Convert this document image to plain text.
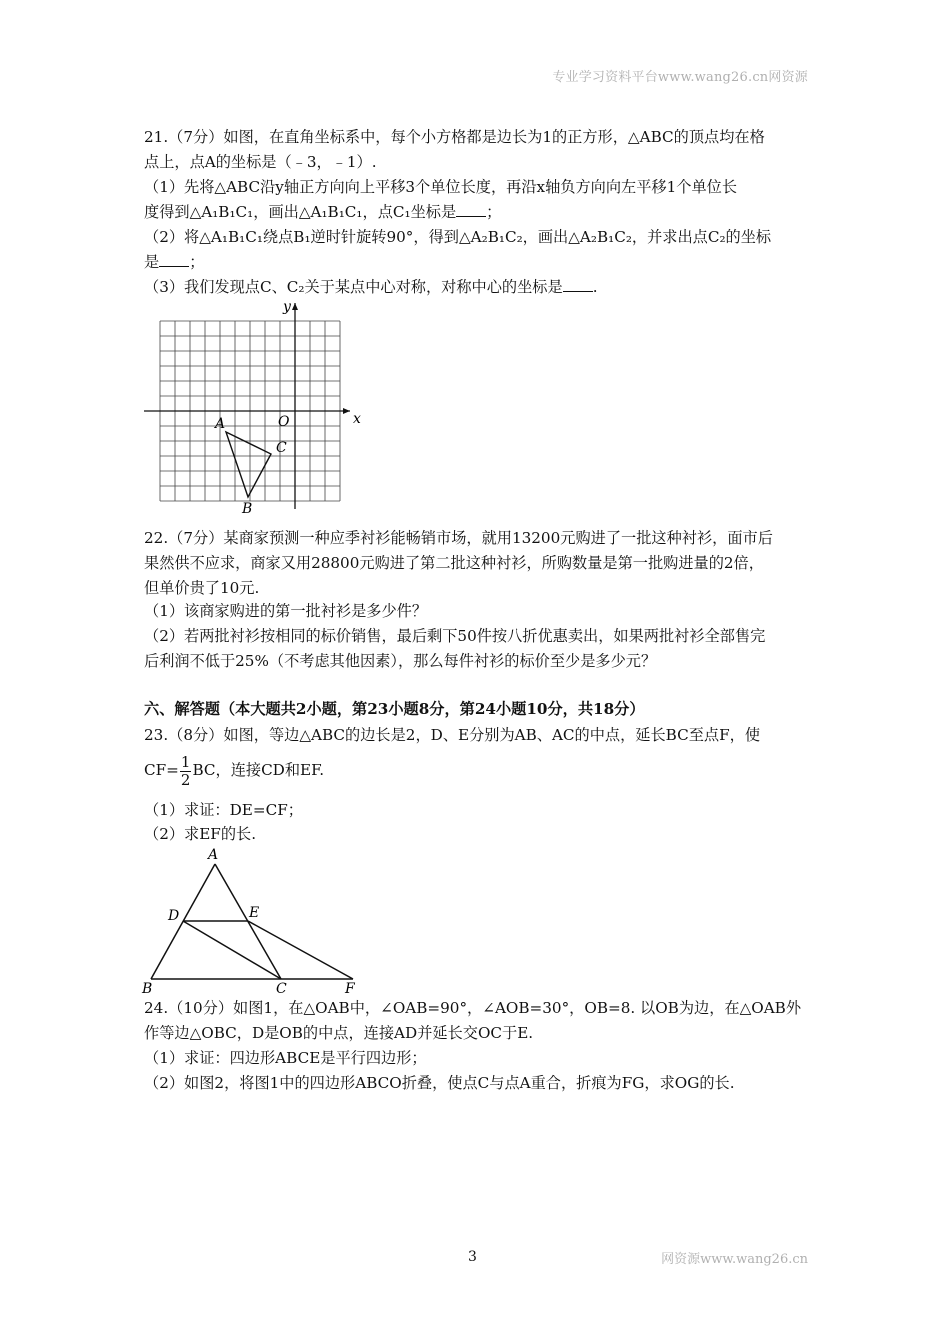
专业学习资料平台www.wang26.cn网资源
21.（7分）如图，在直角坐标系中，每个小方格都是边长为1的正方形，△ABC的顶点均在格
点上，点A的坐标是（﹣3，﹣1）.
（1）先将△ABC沿y轴正方向向上平移3个单位长度，再沿x轴负方向向左平移1个单位长
度得到△A₁B₁C₁，画出△A₁B₁C₁，点C₁坐标是 ；
（2）将△A₁B₁C₁绕点B₁逆时针旋转90°，得到△A₂B₁C₂，画出△A₂B₁C₂，并求出点C₂的坐标
是 ；
（3）我们发现点C、C₂关于某点中心对称，对称中心的坐标是 .
y
x
O
A
B
C
22.（7分）某商家预测一种应季衬衫能畅销市场，就用13200元购进了一批这种衬衫，面市后
果然供不应求，商家又用28800元购进了第二批这种衬衫，所购数量是第一批购进量的2倍，
但单价贵了10元.
（1）该商家购进的第一批衬衫是多少件？
（2）若两批衬衫按相同的标价销售，最后剩下50件按八折优惠卖出，如果两批衬衫全部售完
后利润不低于25%（不考虑其他因素），那么每件衬衫的标价至少是多少元？
六、解答题（本大题共2小题，第23小题8分，第24小题10分，共18分）
23.（8分）如图，等边△ABC的边长是2，D、E分别为AB、AC的中点，延长BC至点F，使
$CF= \frac{1}{2}$ BC，连接CD和EF.
（1）求证：DE=CF；
（2）求EF的长.
A
D	E
B	C	F
24.（10分）如图1，在△OAB中，∠OAB=90°，∠AOB=30°，OB=8. 以OB为边，在△OAB外
作等边△OBC，D是OB的中点，连接AD并延长交OC于E.
（1）求证：四边形ABCE是平行四边形；
（2）如图2，将图1中的四边形ABCO折叠，使点C与点A重合，折痕为FG，求OG的长.
3	网资源www.wang26.cn
